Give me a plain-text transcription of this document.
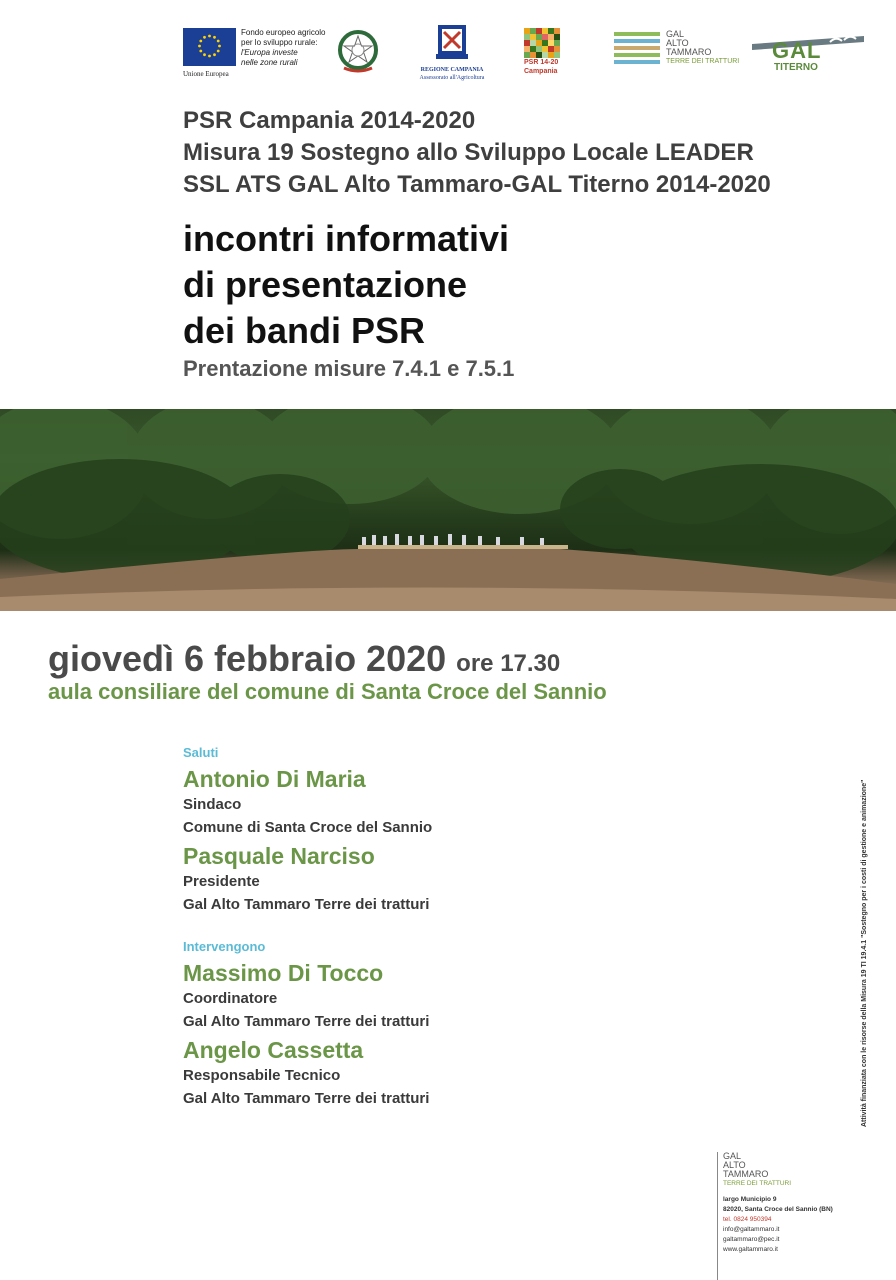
Fondo europeo agricolo
per lo sviluppo rurale:
l'Europa investe
nelle zone rurali
Unione Europea	REGIONE CAMPANIA
Assessorato all'Agricoltura
PSR 14-20
Campania
GAL
ALTO
TAMMARO
TERRE DEI TRATTURI GAL
TITERNO
PSR Campania 2014-2020
Misura 19 Sostegno allo Sviluppo Locale LEADER
SSL ATS GAL Alto Tammaro-GAL Titerno 2014-2020
incontri informativi
di presentazione
dei bandi PSR
Prentazione misure 7.4.1 e 7.5.1
giovedì 6 febbraio 2020 ore 17.30
aula consiliare del comune di Santa Croce del Sannio
Saluti
Antonio Di Maria
Sindaco
Comune di Santa Croce del Sannio
Pasquale Narciso
Presidente
Gal Alto Tammaro Terre dei tratturi
Intervengono
Massimo Di Tocco
Coordinatore
Gal Alto Tammaro Terre dei tratturi
Angelo Cassetta
Responsabile Tecnico
Gal Alto Tammaro Terre dei tratturi	Attività finanziata con le risorse della Misura 19 TI 19.4.1 "Sostegno per i costi di gestione e animazione"
GAL
ALTO
TAMMARO
TERRE DEI TRATTURI
largo Municipio 9
82020, Santa Croce del Sannio (BN)
tel. 0824 950394
info@galtammaro.it
galtammaro@pec.it
www.galtammaro.it
